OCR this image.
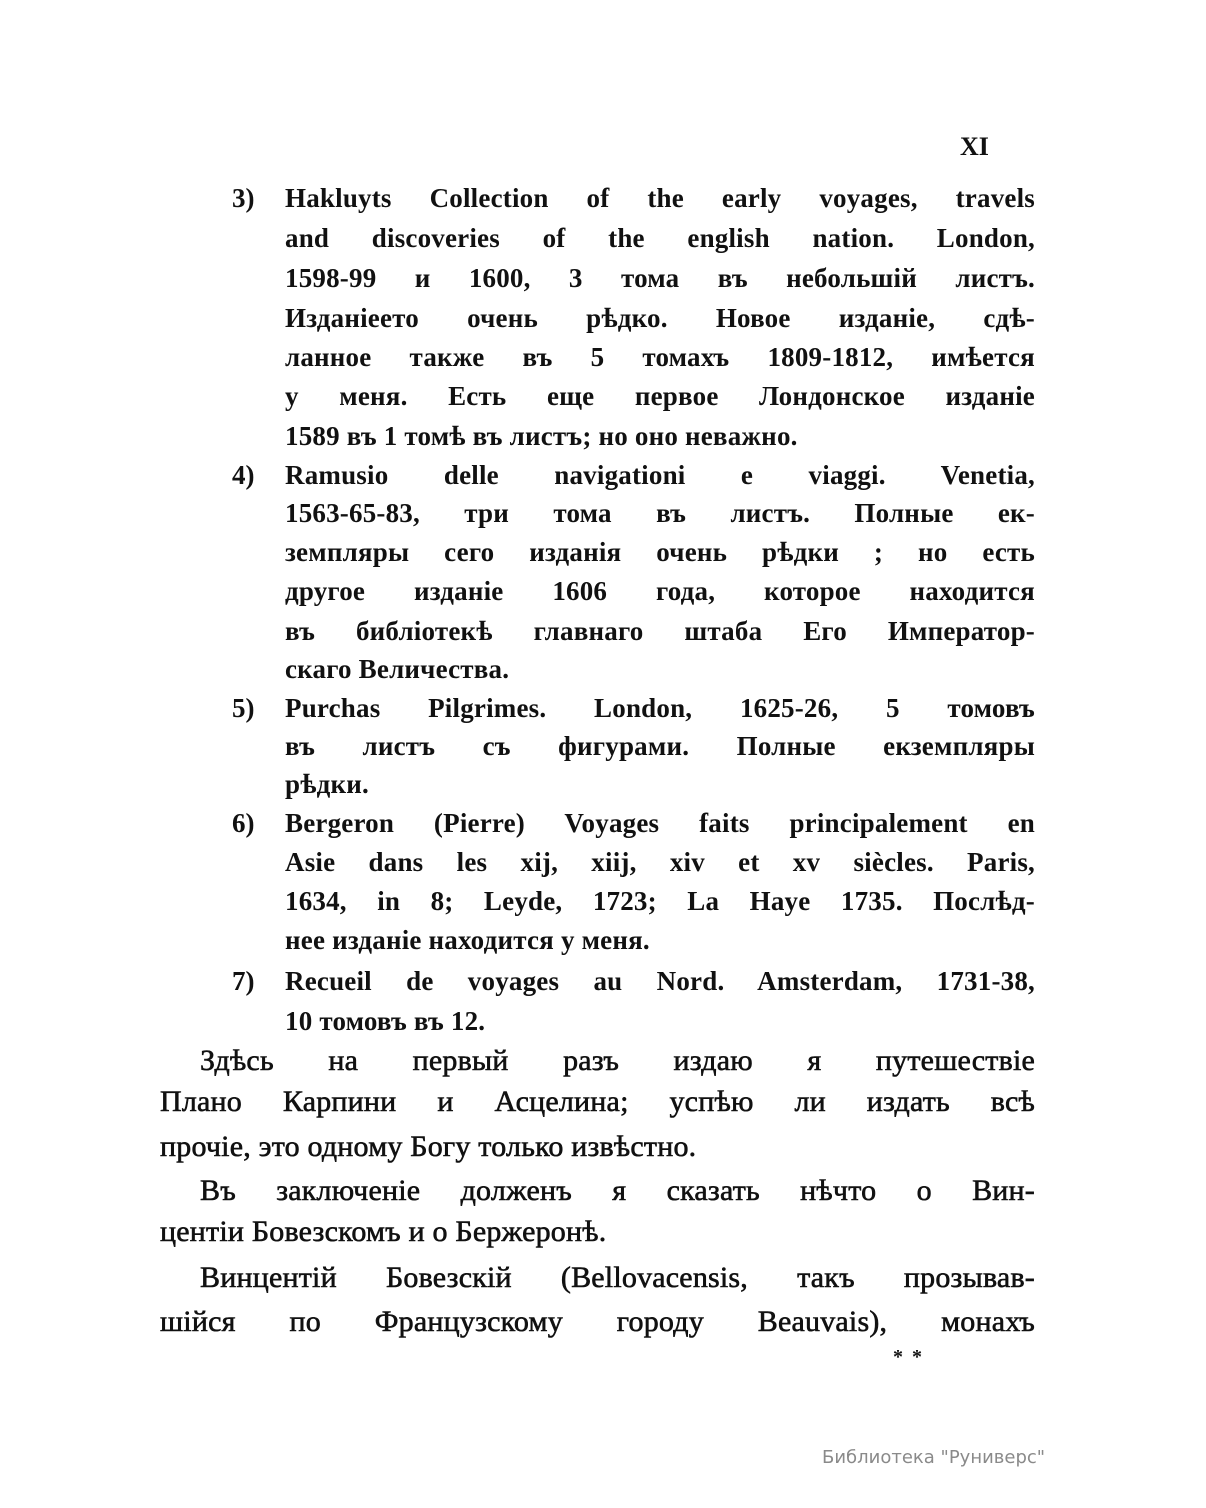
XI
3) Hakluyts Collection of the early voyages, travels
and discoveries of the english nation. London,
1598-99 и 1600, 3 тома въ небольшій листъ.
Изданіеето очень рѣдко. Новое изданіе, сдѣ-
ланное также въ 5 томахъ 1809-1812, имѣется
у меня. Есть еще первое Лондонское изданіе
1589 въ 1 томѣ въ листъ; но оно неважно.
4) Ramusio delle navigationi e viaggi. Venetia,
1563-65-83, три тома въ листъ. Полные ек-
земпляры сего изданія очень рѣдки ; но есть
другое изданіе 1606 года, которое находится
въ библіотекѣ главнаго штаба Его Император-
скаго Величества.
5) Purchas Pilgrimes. London, 1625-26, 5 томовъ
въ листъ съ фигурами. Полные екземпляры
рѣдки.
6) Bergeron (Pierre) Voyages faits principalement en
Asie dans les xij, xiij, xiv et xv siècles. Paris,
1634, in 8; Leyde, 1723; La Haye 1735. Послѣд-
нее изданіе находится у меня.
7) Recueil de voyages au Nord. Amsterdam, 1731-38,
10 томовъ въ 12.
Здѣсь на первый разъ издаю я путешествіе
Плано Карпини и Асцелина; успѣю ли издать всѣ
прочіе, это одному Богу только извѣстно.
Въ заключеніе долженъ я сказать нѣчто о Вин-
центіи Бовезскомъ и о Бержеронѣ.
Винцентій Бовезскій (Bellovacensis, такъ прозывав-
шійся по Французскому городу Beauvais), монахъ
* *
Библиотека "Руниверс"
